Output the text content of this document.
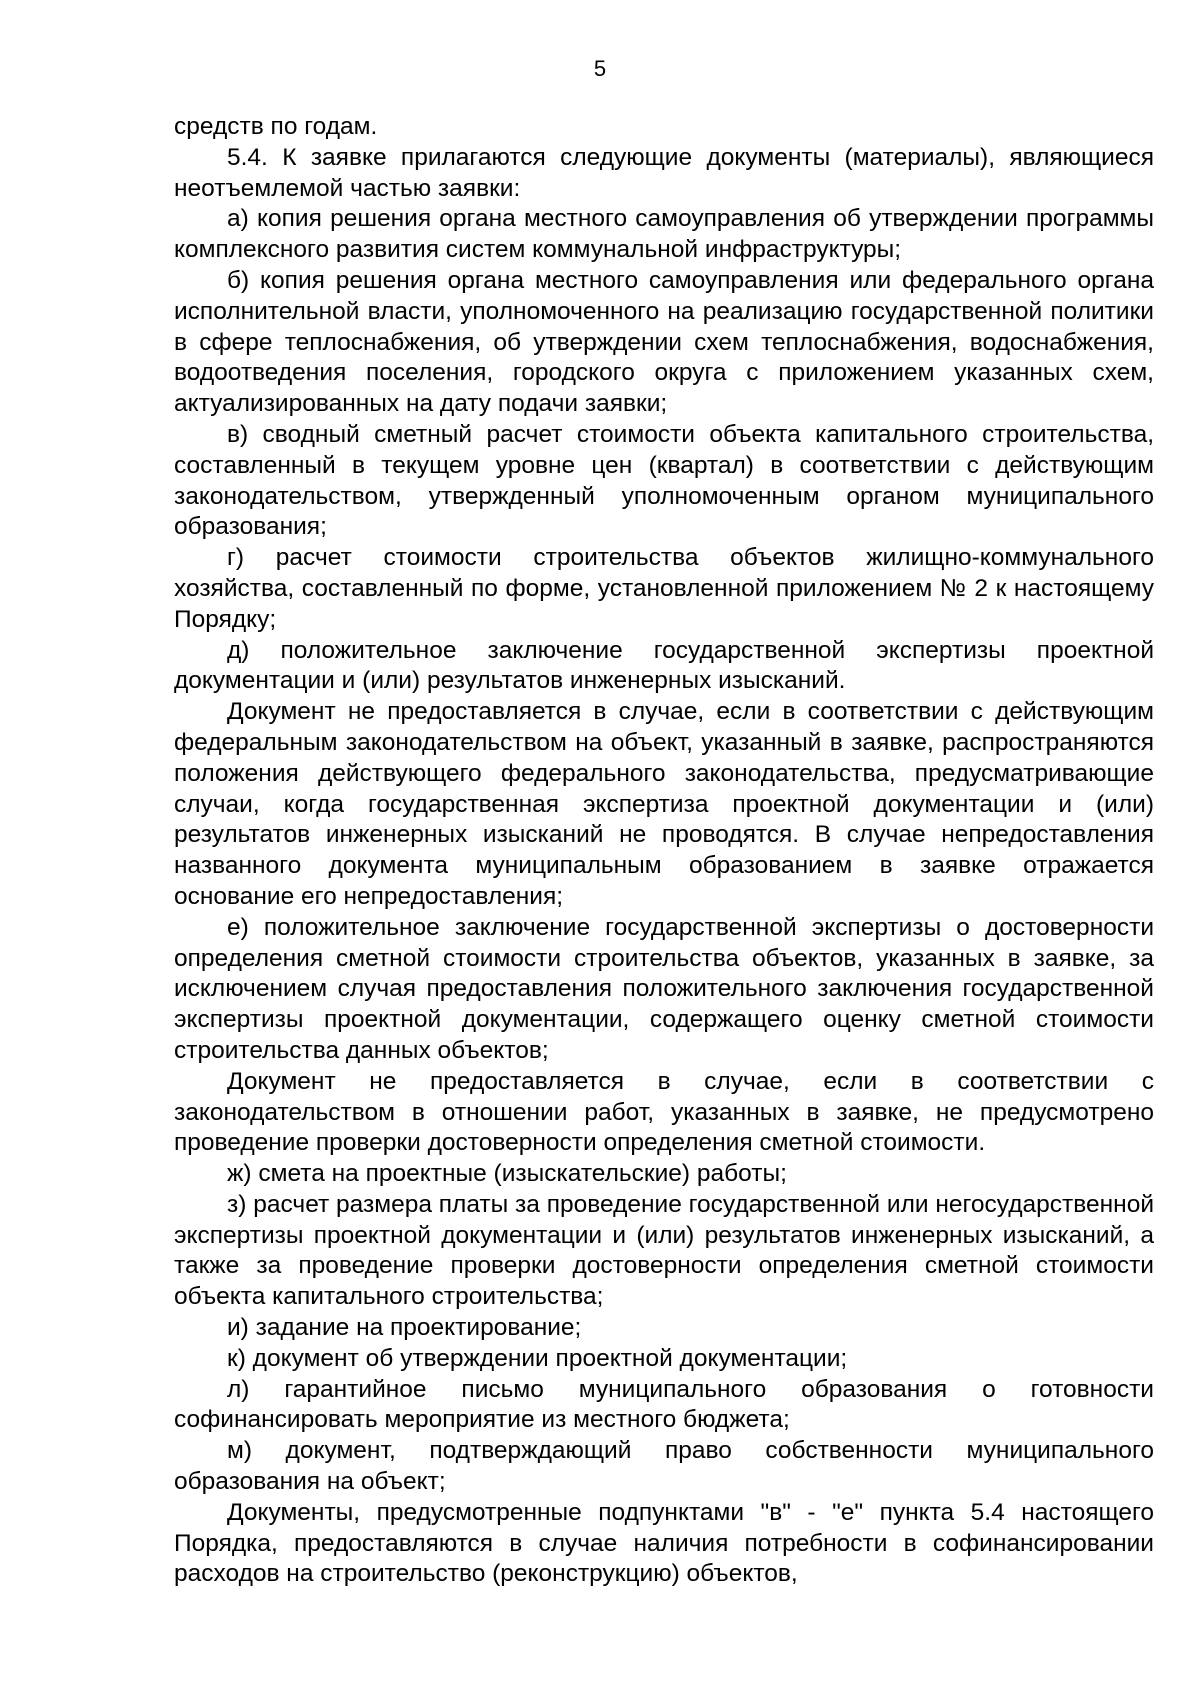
5

средств по годам.

5.4. К заявке прилагаются следующие документы (материалы), являющиеся неотъемлемой частью заявки:

а) копия решения органа местного самоуправления об утверждении программы комплексного развития систем коммунальной инфраструктуры;

б) копия решения органа местного самоуправления или федерального органа исполнительной власти, уполномоченного на реализацию государственной политики в сфере теплоснабжения, об утверждении схем теплоснабжения, водоснабжения, водоотведения поселения, городского округа с приложением указанных схем, актуализированных на дату подачи заявки;

в) сводный сметный расчет стоимости объекта капитального строительства, составленный в текущем уровне цен (квартал) в соответствии с действующим законодательством, утвержденный уполномоченным органом муниципального образования;

г) расчет стоимости строительства объектов жилищно-коммунального хозяйства, составленный по форме, установленной приложением № 2 к настоящему Порядку;

д) положительное заключение государственной экспертизы проектной документации и (или) результатов инженерных изысканий.

Документ не предоставляется в случае, если в соответствии с действующим федеральным законодательством на объект, указанный в заявке, распространяются положения действующего федерального законодательства, предусматривающие случаи, когда государственная экспертиза проектной документации и (или) результатов инженерных изысканий не проводятся. В случае непредоставления названного документа муниципальным образованием в заявке отражается основание его непредоставления;

е) положительное заключение государственной экспертизы о достоверности определения сметной стоимости строительства объектов, указанных в заявке, за исключением случая предоставления положительного заключения государственной экспертизы проектной документации, содержащего оценку сметной стоимости строительства данных объектов;

Документ не предоставляется в случае, если в соответствии с законодательством в отношении работ, указанных в заявке, не предусмотрено проведение проверки достоверности определения сметной стоимости.

ж) смета на проектные (изыскательские) работы;

з) расчет размера платы за проведение государственной или негосударственной экспертизы проектной документации и (или) результатов инженерных изысканий, а также за проведение проверки достоверности определения сметной стоимости объекта капитального строительства;

и) задание на проектирование;

к) документ об утверждении проектной документации;

л) гарантийное письмо муниципального образования о готовности софинансировать мероприятие из местного бюджета;

м) документ, подтверждающий право собственности муниципального образования на объект;

Документы, предусмотренные подпунктами "в" - "е" пункта 5.4 настоящего Порядка, предоставляются в случае наличия потребности в софинансировании расходов на строительство (реконструкцию) объектов,
